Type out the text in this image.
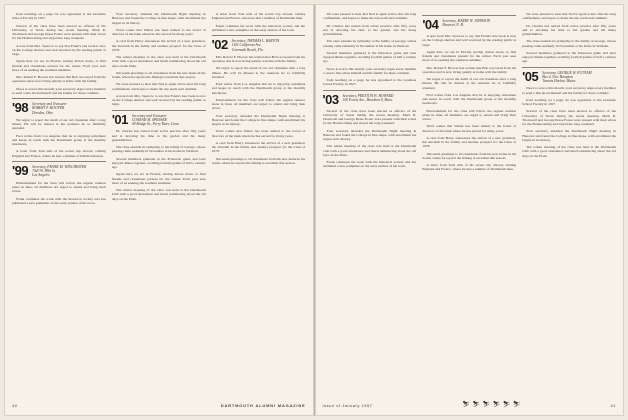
from teaching on a page; he was appointed to the Graduate School Faculty in 1927.

Several of the class have been elected as officers of the University of Texas during the recent meeting. Mark R. Thornwell and George Pease Foster were present with their wives for the Homecoming and stayed the long weekend.

A note from Mrs. Sparrow to say that Frank's late book is now on the College shelves and well received by the reading public at large.

Again here we are in Florida, having driven down, to find friends and classmates present for the winter. Each year sees more of us seeking the southern sunshine.

Mrs. Robert F. Hoover has written that Bob recovered from the operation and is now living quietly at home with the family.

News is scarce this month; your secretary urges every member to send a line about himself and his family for these columns.

'98 Secretary and Treasurer
ROBERT F. HOOVER
Dresden, Ohio

We regret to report the death of our old classmate after a long illness. He will be missed at the reunions he so faithfully attended.

Fred writes from Los Angeles that he is enjoying retirement and keeps in touch with the Dartmouth group at the monthly luncheons.

A letter from Tom tells of his recent trip abroad, visiting England and France, where he met a number of Dartmouth men.

'99 Secretary, FRANK M. WINCHESTER
7020 W. 89th St.
Los Angeles

Entertainment for the class will follow the regular reunion plans in June; all members are urged to attend and bring their wives.

Frank continues his work with the historical society and has published a new pamphlet on the early settlers of his town.

Your secretary attended the Dartmouth Night meeting in Hanover and found the College in fine shape, with enrollment the largest in its history.

Word comes that Walter has been named to the board of directors of the bank where he has served for many years.

A card from Harry announces the arrival of a new grandson, the eleventh in the family and another prospect for the Class of 1978.

The winter meeting of the class was held at the Dartmouth Club with a good attendance and much reminiscing about the old days on the Plain.

Jim sends greetings to all classmates from his new home in the South, where he reports the fishing is excellent this season.

We were pleased to hear that Ned is again active after his long confinement, and hopes to make the trip north next summer.

A note from Mrs. Sparrow to say that Frank's late book is now on the College shelves and well received by the reading public at large.

'01 Secretary and Treasurer
CONRAD M. SPENSER
49 Bridge St., Perry River, Conn.

Dr. Charles has retired from active practice after fifty years and is devoting his time to his garden and his many grandchildren.

The class extends its sympathy to the family of George, whose passing came suddenly in November at his home in Vermont.

Several members gathered at the Princeton game and later enjoyed dinner together, recalling football games of half a century ago.

Again here we are in Florida, having driven down, to find friends and classmates present for the winter. Each year sees more of us seeking the southern sunshine.

The winter meeting of the class was held at the Dartmouth Club with a good attendance and much reminiscing about the old days on the Plain.

A letter from Tom tells of his recent trip abroad, visiting England and France, where he met a number of Dartmouth men.

Frank continues his work with the historical society and has published a new pamphlet on the early settlers of his town.

'02 Secretary, THOMAS L. BARTON
1101 California Ave.
Coronado Beach, Fla.

Mrs. Robert F. Hoover has written that Bob recovered from the operation and is now living quietly at home with the family.

We regret to report the death of our old classmate after a long illness. He will be missed at the reunions he so faithfully attended.

Fred writes from Los Angeles that he is enjoying retirement and keeps in touch with the Dartmouth group at the monthly luncheons.

Entertainment for the class will follow the regular reunion plans in June; all members are urged to attend and bring their wives.

Your secretary attended the Dartmouth Night meeting in Hanover and found the College in fine shape, with enrollment the largest in its history.

Word comes that Walter has been named to the board of directors of the bank where he has served for many years.

A card from Harry announces the arrival of a new grandson, the eleventh in the family and another prospect for the Class of 1978.

Jim sends greetings to all classmates from his new home in the South, where he reports the fishing is excellent this season.

40	DARTMOUTH ALUMNI MAGAZINE

We were pleased to hear that Ned is again active after his long confinement, and hopes to make the trip north next summer.

Dr. Charles has retired from active practice after fifty years and is devoting his time to his garden and his many grandchildren.

The class extends its sympathy to the family of George, whose passing came suddenly in November at his home in Vermont.

Several members gathered at the Princeton game and later enjoyed dinner together, recalling football games of half a century ago.

News is scarce this month; your secretary urges every member to send a line about himself and his family for these columns.

from teaching on a page; he was appointed to the Graduate School Faculty in 1927.

'03 Secretary, PRESTON W. HOWARD
100 Forest Ave., Brockton 9, Mass.

Several of the class have been elected as officers of the University of Texas during the recent meeting. Mark R. Thornwell and George Pease Foster were present with their wives for the Homecoming and stayed the long weekend.

Your secretary attended the Dartmouth Night meeting in Hanover and found the College in fine shape, with enrollment the largest in its history.

The winter meeting of the class was held at the Dartmouth Club with a good attendance and much reminiscing about the old days on the Plain.

Frank continues his work with the historical society and has published a new pamphlet on the early settlers of his town.

'04 Secretary, HARRY W. JOHNSON
Hanover, N. H.

A note from Mrs. Sparrow to say that Frank's late book is now on the College shelves and well received by the reading public at large.

Again here we are in Florida, having driven down, to find friends and classmates present for the winter. Each year sees more of us seeking the southern sunshine.

Mrs. Robert F. Hoover has written that Bob recovered from the operation and is now living quietly at home with the family.

We regret to report the death of our old classmate after a long illness. He will be missed at the reunions he so faithfully attended.

Fred writes from Los Angeles that he is enjoying retirement and keeps in touch with the Dartmouth group at the monthly luncheons.

Entertainment for the class will follow the regular reunion plans in June; all members are urged to attend and bring their wives.

Word comes that Walter has been named to the board of directors of the bank where he has served for many years.

A card from Harry announces the arrival of a new grandson, the eleventh in the family and another prospect for the Class of 1978.

Jim sends greetings to all classmates from his new home in the South, where he reports the fishing is excellent this season.

A letter from Tom tells of his recent trip abroad, visiting England and France, where he met a number of Dartmouth men.

We were pleased to hear that Ned is again active after his long confinement, and hopes to make the trip north next summer.

Dr. Charles has retired from active practice after fifty years and is devoting his time to his garden and his many grandchildren.

The class extends its sympathy to the family of George, whose passing came suddenly in November at his home in Vermont.

Several members gathered at the Princeton game and later enjoyed dinner together, recalling football games of half a century ago.

'05 Secretary, GEORGE W. PUTNAM
Box 4, New Hampton
Tenants Harbor, Maine

News is scarce this month; your secretary urges every member to send a line about himself and his family for these columns.

from teaching on a page; he was appointed to the Graduate School Faculty in 1927.

Several of the class have been elected as officers of the University of Texas during the recent meeting. Mark R. Thornwell and George Pease Foster were present with their wives for the Homecoming and stayed the long weekend.

Your secretary attended the Dartmouth Night meeting in Hanover and found the College in fine shape, with enrollment the largest in its history.

The winter meeting of the class was held at the Dartmouth Club with a good attendance and much reminiscing about the old days on the Plain.

Issue of January 1957	⛷ ⛷ ⛷ ⛷ ⛷ ⛷	41
